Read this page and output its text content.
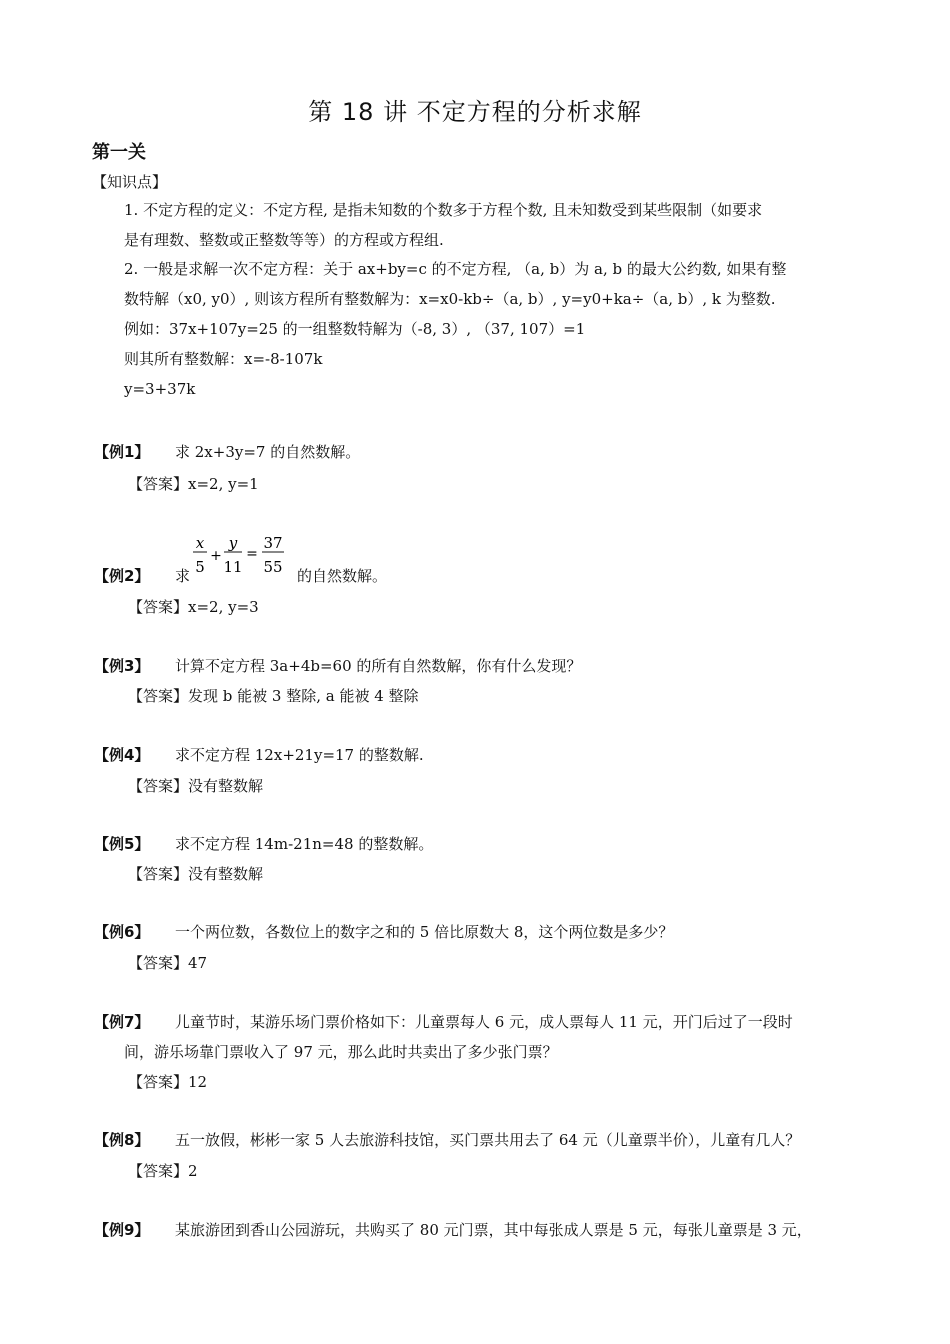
第 18 讲 不定方程的分析求解
第一关
【知识点】
1. 不定方程的定义：不定方程, 是指未知数的个数多于方程个数, 且未知数受到某些限制（如要求
是有理数、整数或正整数等等）的方程或方程组.
2. 一般是求解一次不定方程：关于 ax+by=c 的不定方程, （a, b）为 a, b 的最大公约数, 如果有整
数特解（x0, y0）, 则该方程所有整数解为：x=x0-kb÷（a, b）, y=y0+ka÷（a, b）, k 为整数.
例如：37x+107y=25 的一组整数特解为（-8, 3）, （37, 107）=1
则其所有整数解：x=-8-107k
y=3+37k
【例1】 求 2x+3y=7 的自然数解。
【答案】x=2, y=1
【例2】 求
x
5
+
y
11
=
37
55 的自然数解。
【答案】x=2, y=3
【例3】 计算不定方程 3a+4b=60 的所有自然数解，你有什么发现？
【答案】发现 b 能被 3 整除, a 能被 4 整除
【例4】 求不定方程 12x+21y=17 的整数解.
【答案】没有整数解
【例5】 求不定方程 14m-21n=48 的整数解。
【答案】没有整数解
【例6】 一个两位数，各数位上的数字之和的 5 倍比原数大 8，这个两位数是多少？
【答案】47
【例7】 儿童节时，某游乐场门票价格如下：儿童票每人 6 元，成人票每人 11 元，开门后过了一段时
间，游乐场靠门票收入了 97 元，那么此时共卖出了多少张门票？
【答案】12
【例8】 五一放假，彬彬一家 5 人去旅游科技馆，买门票共用去了 64 元（儿童票半价），儿童有几人？
【答案】2
【例9】 某旅游团到香山公园游玩，共购买了 80 元门票，其中每张成人票是 5 元，每张儿童票是 3 元，
